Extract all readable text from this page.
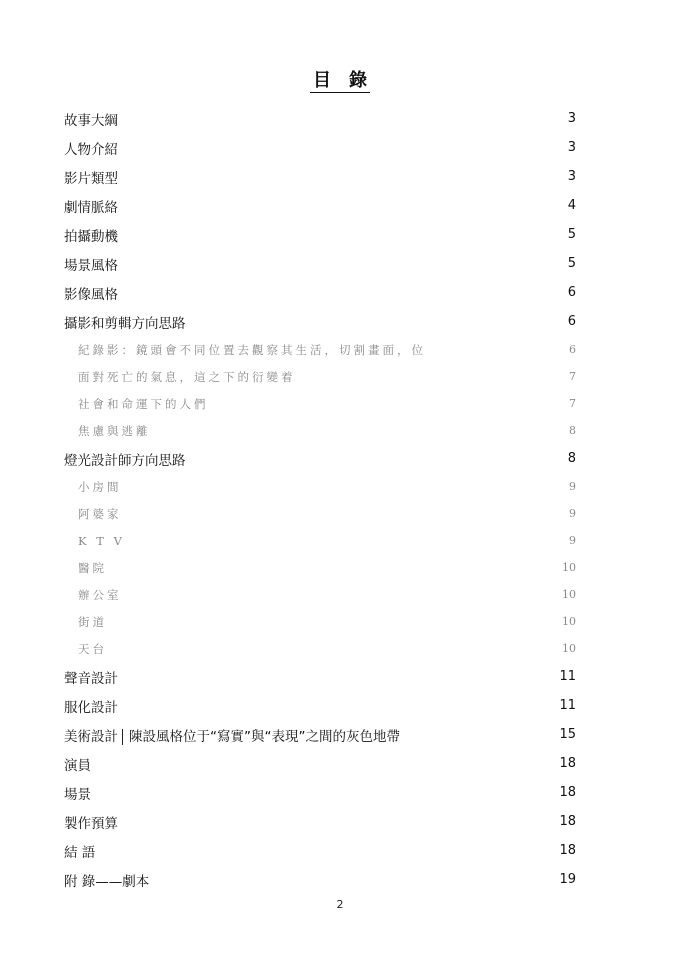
目　錄
故事大綱	3
人物介紹	3
影片類型	3
劇情脈絡	4
拍攝動機	5
場景風格	5
影像風格	6
攝影和剪輯方向思路	6
紀錄影：鏡頭會不同位置去觀察其生活，切割畫面，位	6
面對死亡的氣息，這之下的衍變着	7
社會和命運下的人們	7
焦慮與逃離	8
燈光設計師方向思路	8
小房間	9
阿婆家	9
K T V	9
醫院	10
辦公室	10
街道	10
天台	10
聲音設計	11
服化設計	11
美術設計 陳設風格位于“寫實”與“表現”之間的灰色地帶	15
演員	18
場景	18
製作預算	18
結 語	18
附 錄——劇本	19
2
